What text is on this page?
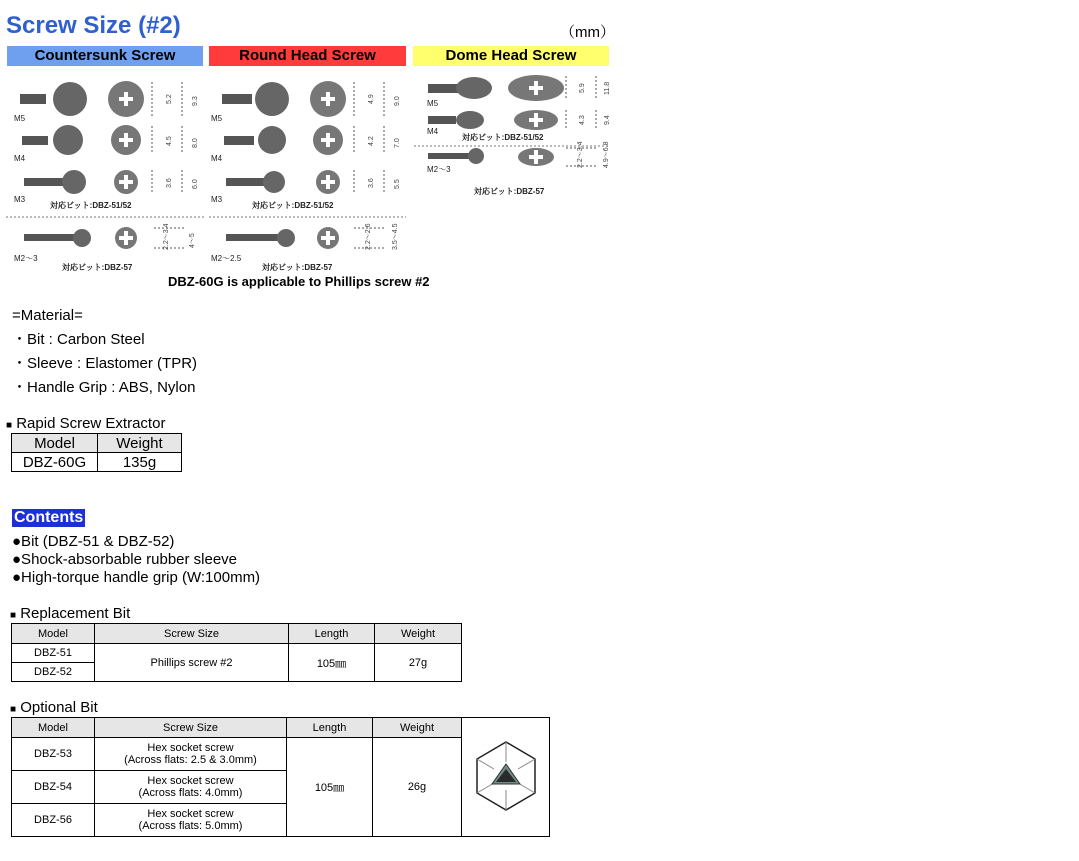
Screw Size (#2)	（mm）
Countersunk Screw	Round Head Screw	Dome Head Screw
5.2	9.3
M5
4.5	8.0
M4
3.6	6.0
M3
対応ビット:DBZ-51/52
2.2～3.4	4～5
M2～3
対応ビット:DBZ-57
4.9	9.0
M5
4.2	7.0
M4
3.6	5.5
M3
対応ビット:DBZ-51/52
2.2～2.6	3.5～4.5
M2～2.5
対応ビット:DBZ-57
5.9	11.8
M5
4.3	9.4
M4
対応ビット:DBZ-51/52
2.2～3.4	4.9～6.8
M2～3
対応ビット:DBZ-57
DBZ-60G is applicable to Phillips screw #2
=Material=
・Bit : Carbon Steel
・Sleeve : Elastomer (TPR)
・Handle Grip : ABS, Nylon
■ Rapid Screw Extractor
Model	Weight
DBZ-60G	135g
Contents
●Bit (DBZ-51 & DBZ-52)
●Shock-absorbable rubber sleeve
●High-torque handle grip (W:100mm)
■ Replacement Bit
Model	Screw Size	Length	Weight
DBZ-51	Phillips screw #2	105㎜	27g
DBZ-52			
■ Optional Bit
Model	Screw Size	Length	Weight	
DBZ-53	Hex socket screw
(Across flats: 2.5 & 3.0mm)	105㎜	26g	
DBZ-54	Hex socket screw
(Across flats: 4.0mm)			
DBZ-56	Hex socket screw
(Across flats: 5.0mm)			
